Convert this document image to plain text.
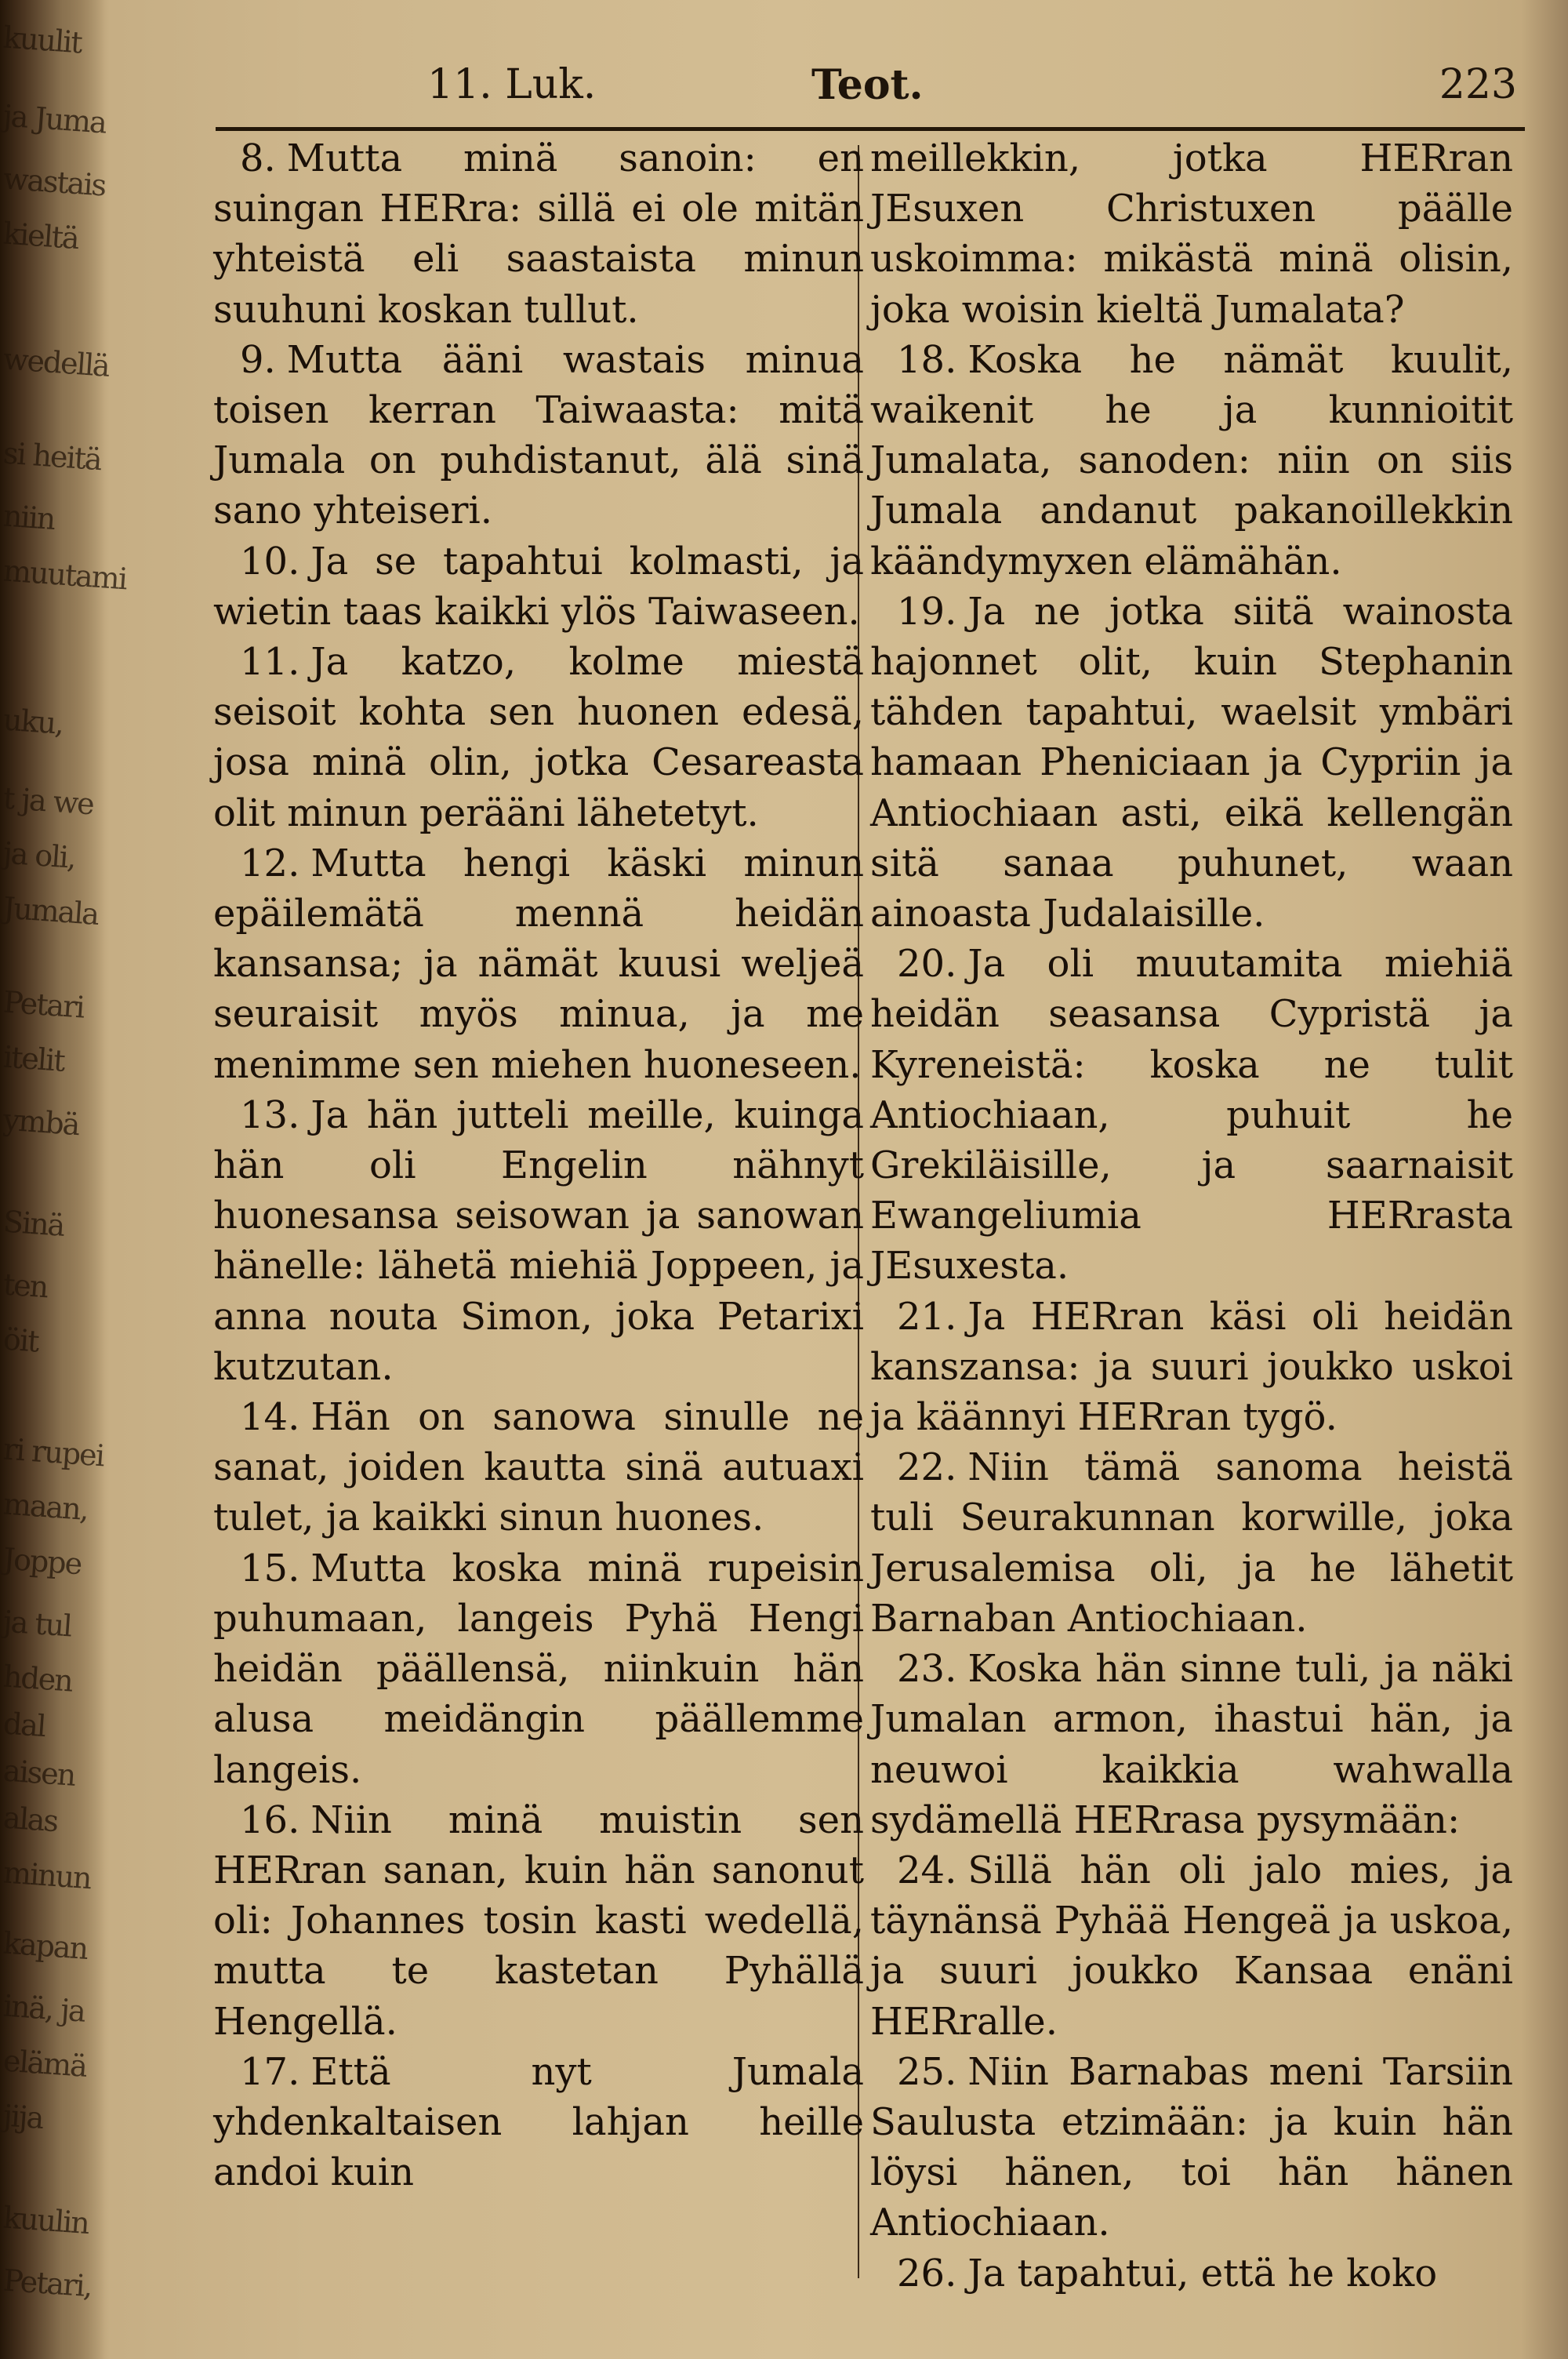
kuulit
ja Juma
wastais
kieltä
wedellä
si heitä
niin
muutami
uku,
t ja we
ja oli,
Jumala
Petari
itelit
ymbä
Sinä
ten
öit
ri rupei
maan,
Joppe
ja tul
hden
dal
aisen
alas
minun
kapan
inä, ja
elämä
jija
kuulin
Petari,
11. Luk.	Teot.	223

8. Mutta minä sanoin: en suingan HERra: sillä ei ole mitän yhteistä eli saastaista minun suuhuni koskan tullut.

9. Mutta ääni wastais minua toisen kerran Taiwaasta: mitä Jumala on puhdistanut, älä sinä sano yhteiseri.

10. Ja se tapahtui kolmasti, ja wietin taas kaikki ylös Taiwaseen.

11. Ja katzo, kolme miestä seisoit kohta sen huonen edesä, josa minä olin, jotka Cesareasta olit minun peräänі lähetetyt.

12. Mutta hengi käski minun epäilemätä mennä heidän kansansa; ja nämät kuusi weljeä seuraisit myös minua, ja me menimme sen miehen huoneseen.

13. Ja hän jutteli meille, kuinga hän oli Engelin nähnyt huonesansa seisowan ja sanowan hänelle: lähetä miehiä Joppeen, ja anna nouta Simon, joka Petarixi kutzutan.

14. Hän on sanowa sinulle ne sanat, joiden kautta sinä autuaxi tulet, ja kaikki sinun huones.

15. Mutta koska minä rupeisin puhumaan, langeis Pyhä Hengi heidän päällensä, niinkuin hän alusa meidängin päällemme langeis.

16. Niin minä muistin sen HERran sanan, kuin hän sanonut oli: Johannes tosin kasti wedellä, mutta te kastetan Pyhällä Hengellä.

17. Että nyt Jumala yhdenkaltaisen lahjan heille andoi kuin

meillekkin, jotka HERran JEsuxen Christuxen päälle uskoimma: mikästä minä olisin, joka woisin kieltä Jumalata?

18. Koska he nämät kuulit, waikenit he ja kunnioitit Jumalata, sanoden: niin on siis Jumala andanut pakanoillekkin käändymyxen elämähän.

19. Ja ne jotka siitä wainosta hajonnet olit, kuin Stephanin tähden tapahtui, waelsit ymbäri hamaan Pheniciaan ja Cypriin ja Antiochiaan asti, eikä kellengän sitä sanaa puhunet, waan ainoasta Judalaisille.

20. Ja oli muutamita miehiä heidän seasansa Cypristä ja Kyreneistä: koska ne tulit Antiochiaan, puhuit he Grekiläisille, ja saarnaisit Ewangeliumia HERrasta JEsuxesta.

21. Ja HERran käsi oli heidän kanszansa: ja suuri joukko uskoi ja käännyi HERran tygö.

22. Niin tämä sanoma heistä tuli Seurakunnan korwille, joka Jerusalemisa oli, ja he lähetit Barnaban Antiochiaan.

23. Koska hän sinne tuli, ja näki Jumalan armon, ihastui hän, ja neuwoi kaikkia wahwalla sydämellä HERrasa pysymään:

24. Sillä hän oli jalo mies, ja täynänsä Pyhää Hengeä ja uskoa, ja suuri joukko Kansaa enäni HERralle.

25. Niin Barnabas meni Tarsiin Saulusta etzimään: ja kuin hän löysi hänen, toi hän hänen Antiochiaan.

26. Ja tapahtui, että he koko
